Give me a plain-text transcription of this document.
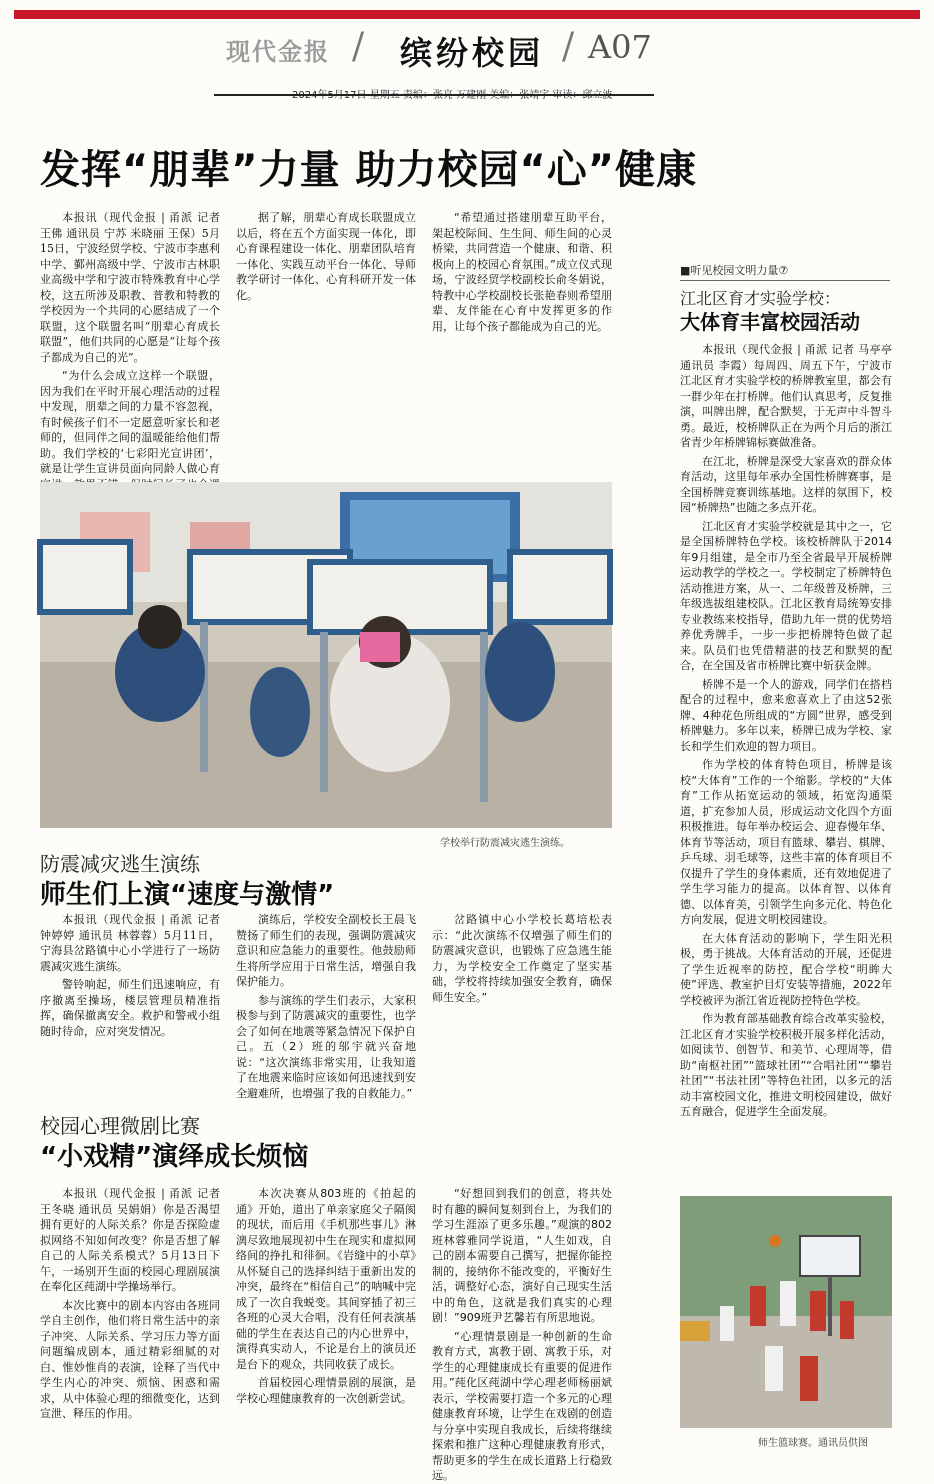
现代金报 / 缤纷校园 / A07
2024年5月17日 星期五 责编：张亮 万建刚 美编：张靖宇 审读：邱立波
发挥“朋辈”力量 助力校园“心”健康

本报讯（现代金报 | 甬派 记者 王佛 通讯员 宁苏 米晓丽 王保）5月15日，宁波经贸学校、宁波市李惠利中学、鄞州高级中学、宁波市古林职业高级中学和宁波市特殊教育中心学校，这五所涉及职教、普教和特教的学校因为一个共同的心愿结成了一个联盟，这个联盟名叫“朋辈心育成长联盟”，他们共同的心愿是“让每个孩子都成为自己的光”。

“为什么会成立这样一个联盟，因为我们在平时开展心理活动的过程中发现，朋辈之间的力量不容忽视，有时候孩子们不一定愿意听家长和老师的，但同伴之间的温暖能给他们帮助。我们学校的‘七彩阳光宣讲团’，就是让学生宣讲员面向同龄人做心育

据了解，朋辈心育成长联盟成立以后，将在五个方面实现一体化，即心育课程建设一体化、朋辈团队培育一体化、实践互动平台一体化、导师教学研讨一体化、心育科研开发一体化。

“希望通过搭建朋辈互助平台，架起校际间、生生间、师生间的心灵桥梁，共同营造一个健康、和谐、积极向上的校园心育氛围。”成立仪式现场，宁波经贸学校副校长俞冬娟说，特教中心学校副校长张艳春则希望朋辈、友伴能在心育中发挥更多的作用，让每个孩子都能成为自己的光。

学校举行防震减灾逃生演练。
防震减灾逃生演练
师生们上演“速度与激情”

本报讯（现代金报 | 甬派 记者 钟婷婷 通讯员 林蓉蓉）5月11日，宁海县岔路镇中心小学进行了一场防震减灾逃生演练。

警铃响起，师生们迅速响应，有序撤离至操场，楼层管理员精准指挥，确保撤离安全。救护和警戒小组随时待命，应对突发情况。

演练后，学校安全副校长王晨飞赞扬了师生们的表现，强调防震减灾意识和应急能力的重要性。他鼓励师生将所学应用于日常生活，增强自我保护能力。

参与演练的学生们表示，大家积极参与到了防震减灾的重要性，也学会了如何在地震等紧急情况下保护自己。五（2）班的邬宇就兴奋地说：“这次演练非常实用，让我知道了在地震来临时应该如何迅速找到安全避难所，也增强了我的自救能力。”

岔路镇中心小学校长葛培松表示：“此次演练不仅增强了师生们的防震减灾意识，也锻炼了应急逃生能力，为学校安全工作奠定了坚实基础，学校将持续加强安全教育，确保师生安全。”

校园心理微剧比赛
“小戏精”演绎成长烦恼

本报讯（现代金报 | 甬派 记者 王冬晓 通讯员 吴娟娟）你是否渴望拥有更好的人际关系？你是否探险虚拟网络不知如何改变？你是否想了解自己的人际关系模式？5月13日下午，一场别开生面的校园心理剧展演在奉化区莼湖中学操场举行。

本次比赛中的剧本内容由各班同学自主创作，他们将日常生活中的亲子冲突、人际关系、学习压力等方面问题编成剧本，通过精彩细腻的对白、惟妙惟肖的表演，诠释了当代中学生内心的冲突、烦恼、困惑和需求，从中体验心理的细微变化，达到宣泄、释压的作用。

本次决赛从803班的《拍起的通》开始，道出了单亲家庭父子隔阂的现状，而后用《手机那些事儿》淋漓尽致地展现初中生在现实和虚拟网络间的挣扎和徘徊。《岩缝中的小草》从怀疑自己的选择纠结于重新出发的冲突，最终在“相信自己”的呐喊中完成了一次自我蜕变。其间穿插了初三各班的心灵大合唱，没有任何表演基础的学生在表达自己的内心世界中，演得真实动人，不论是台上的演员还是台下的观众，共同收获了成长。

首届校园心理情景剧的展演，是学校心理健康教育的一次创新尝试。

“好想回到我们的创意，将共处时有趣的瞬间复刻到台上，为我们的学习生涯添了更多乐趣。”观演的802班林蓉雅同学说道，“人生如戏，自己的剧本需要自己撰写，把握你能控制的，接纳你不能改变的，平衡好生活，调整好心态，演好自己现实生活中的角色，这就是我们真实的心理剧！”909班尹艺馨若有所思地说。

“心理情景剧是一种创新的生命教育方式，寓教于剧、寓教于乐，对学生的心理健康成长有重要的促进作用。”莼化区莼湖中学心理老师杨丽斌表示，学校需要打造一个多元的心理健康教育环境，让学生在戏剧的创造与分享中实现自我成长，后续将继续探索和推广这种心理健康教育形式，帮助更多的学生在成长道路上行稳致远。

■听见校园文明力量⑦
江北区育才实验学校：
大体育丰富校园活动

本报讯（现代金报 | 甬派 记者 马亭亭 通讯员 李霞）每周四、周五下午，宁波市江北区育才实验学校的桥牌教室里，都会有一群少年在打桥牌。他们认真思考，反复推演，叫牌出牌，配合默契，于无声中斗智斗勇。最近，校桥牌队正在为两个月后的浙江省青少年桥牌锦标赛做准备。

在江北，桥牌是深受大家喜欢的群众体育活动，这里每年承办全国性桥牌赛事，是全国桥牌竞赛训练基地。这样的氛围下，校园“桥牌热”也随之多点开花。

江北区育才实验学校就是其中之一，它是全国桥牌特色学校。该校桥牌队于2014年9月组建，是全市乃至全省最早开展桥牌运动教学的学校之一。学校制定了桥牌特色活动推进方案，从一、二年级普及桥牌，三年级选拔组建校队。江北区教育局统筹安排专业教练来校指导，借助九年一贯的优势培养优秀牌手，一步一步把桥牌特色做了起来。队员们也凭借精湛的技艺和默契的配合，在全国及省市桥牌比赛中斩获金牌。

桥牌不是一个人的游戏，同学们在搭档配合的过程中，愈来愈喜欢上了由这52张牌、4种花色所组成的“方圆”世界，感受到桥牌魅力。多年以来，桥牌已成为学校、家长和学生们欢迎的智力项目。

作为学校的体育特色项目，桥牌是该校“大体育”工作的一个缩影。学校的“大体育”工作从拓宽运动的领域，拓宽沟通渠道，扩充参加人员，形成运动文化四个方面积极推进。每年举办校运会、迎春慢年华、体育节等活动，项目有篮球、攀岩、棋牌、乒乓球、羽毛球等，这些丰富的体育项目不仅提升了学生的身体素质，还有效地促进了学生学习能力的提高。以体育智、以体育德、以体育美，引领学生向多元化、特色化方向发展，促进文明校园建设。

在大体育活动的影响下，学生阳光积极，勇于挑战。大体育活动的开展，还促进了学生近视率的防控，配合学校“明眸大使”评选、教室护目灯安装等措施，2022年学校被评为浙江省近视防控特色学校。

作为教育部基础教育综合改革实验校，江北区育才实验学校积极开展多样化活动，如阅读节、创智节、和美节、心理周等，借助“南枢社团”“篮球社团”“合唱社团”“攀岩社团”“书法社团”等特色社团，以多元的活动丰富校园文化，推进文明校园建设，做好五育融合，促进学生全面发展。

师生篮球赛。通讯员供图
